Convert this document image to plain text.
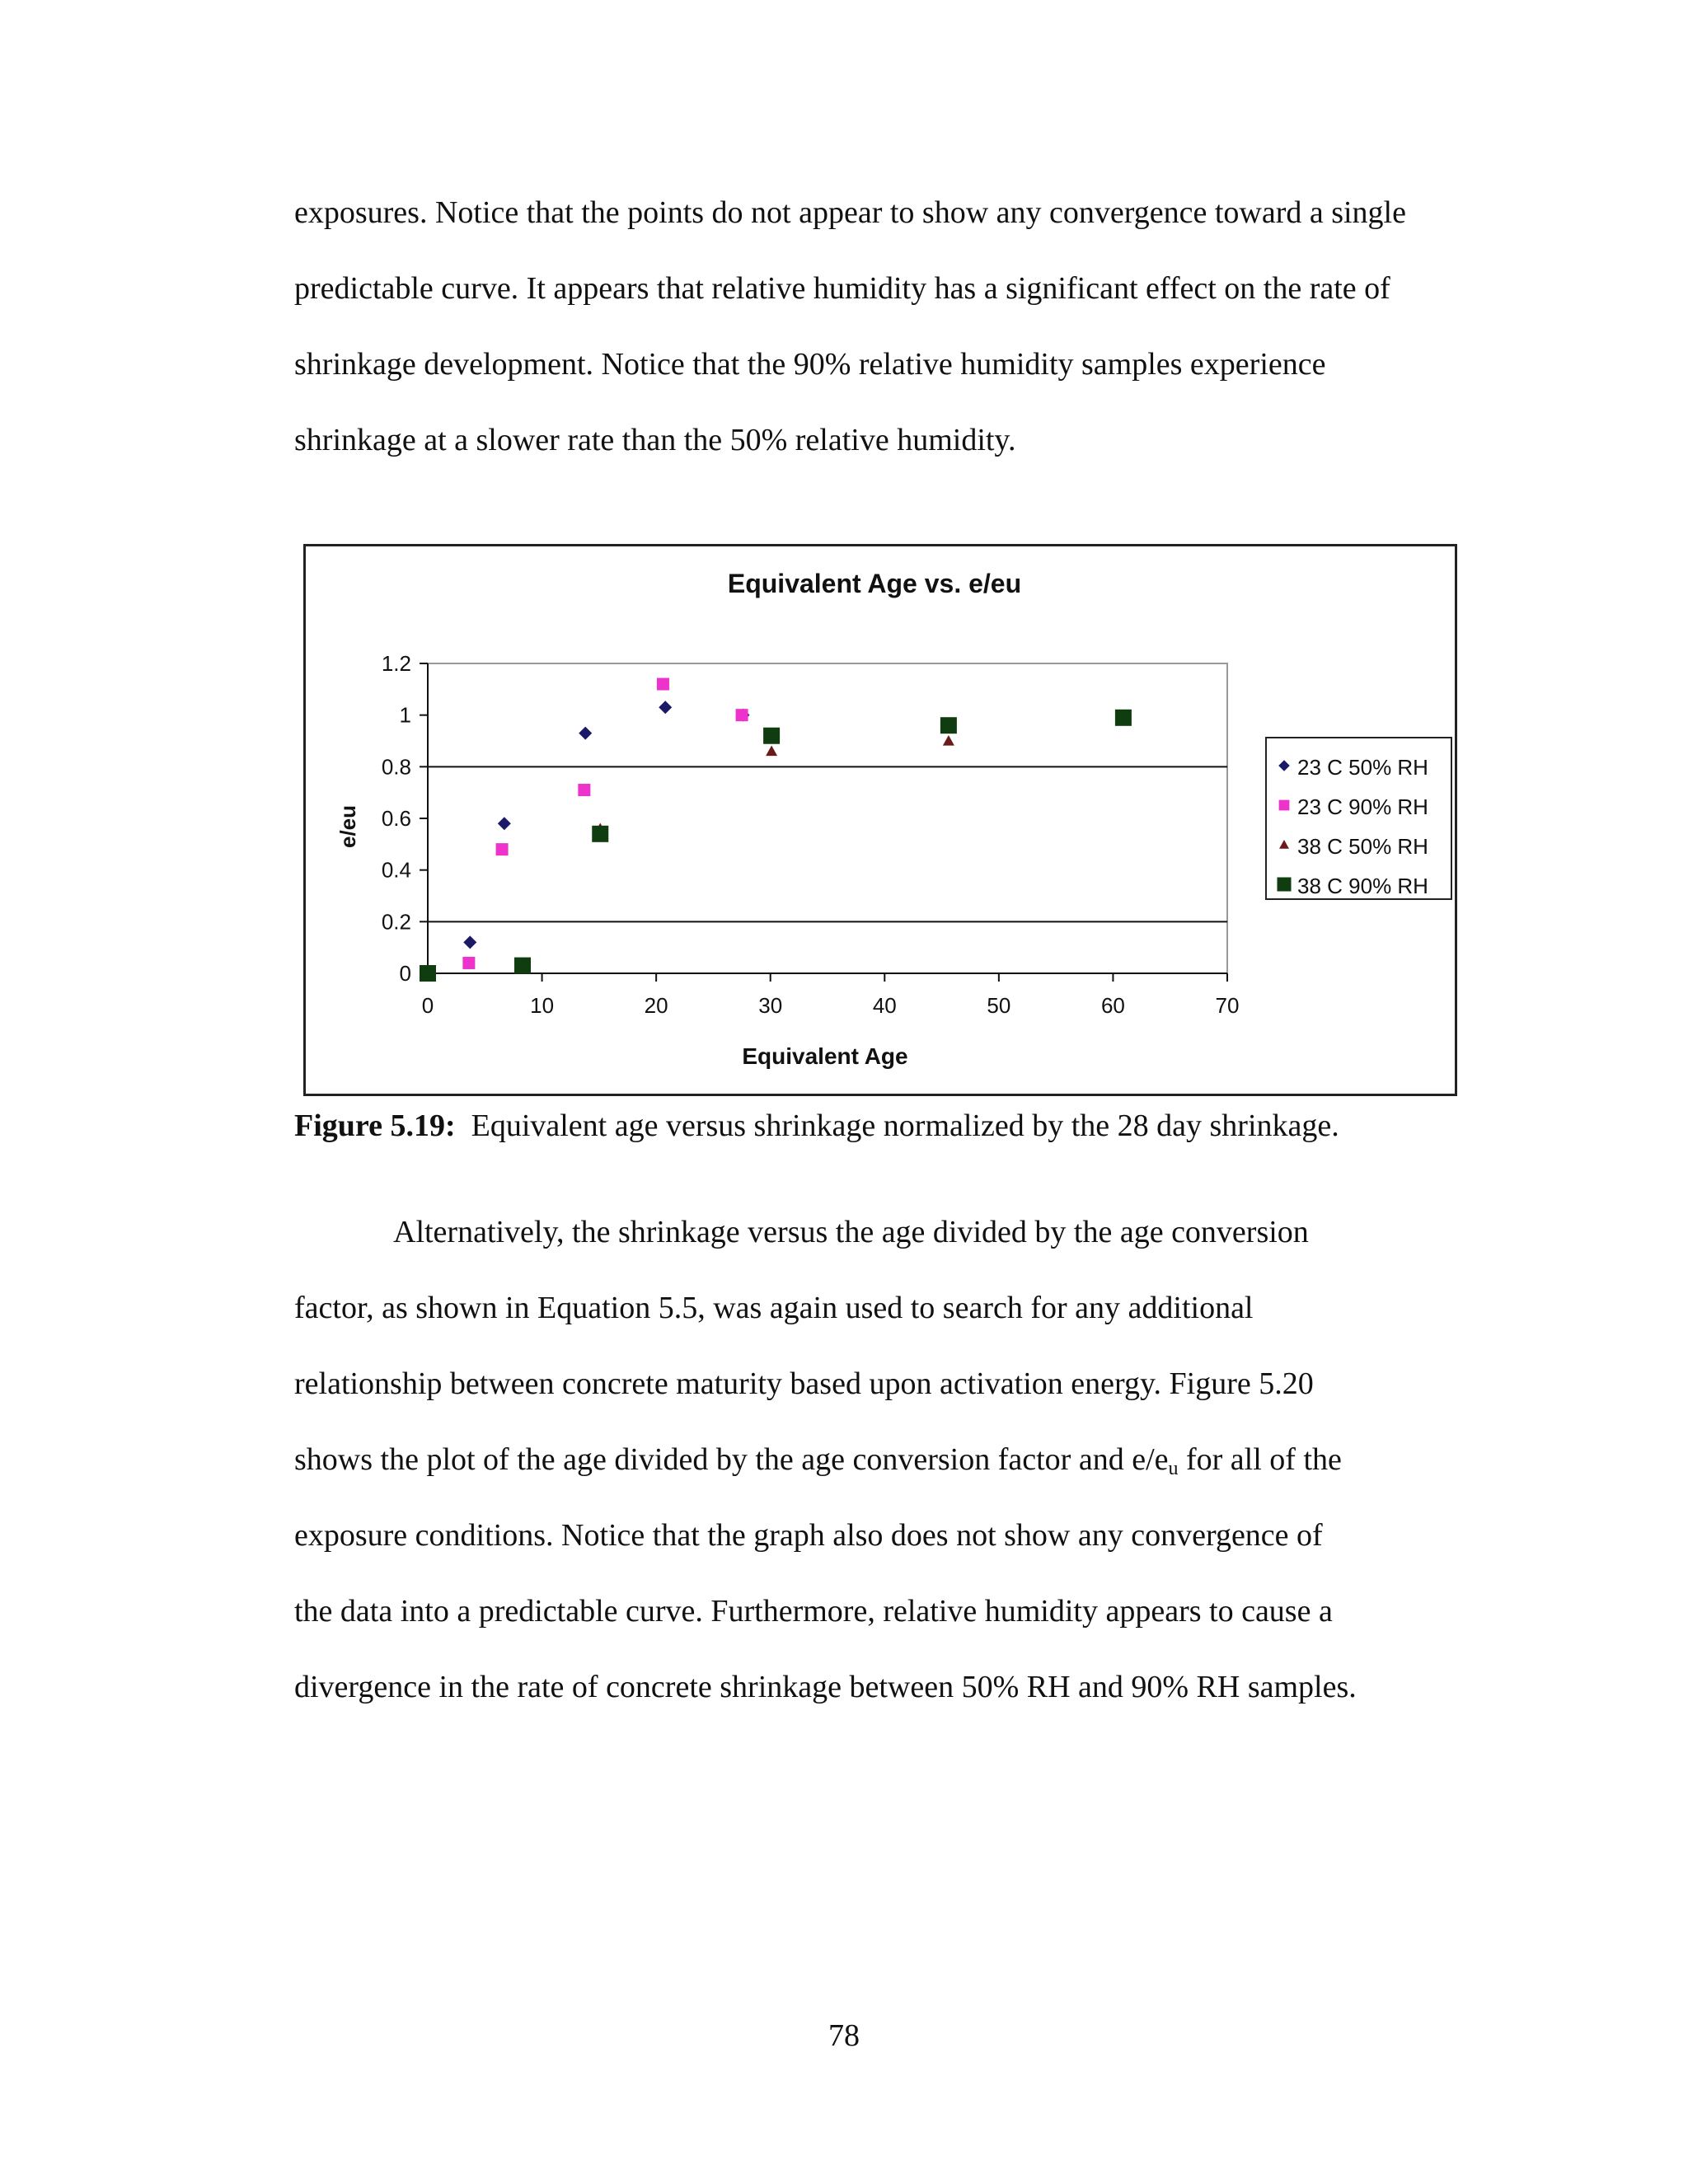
exposures. Notice that the points do not appear to show any convergence toward a single

predictable curve. It appears that relative humidity has a significant effect on the rate of

shrinkage development. Notice that the 90% relative humidity samples experience

shrinkage at a slower rate than the 50% relative humidity.

Equivalent Age vs. e/eu
0	10	20	30	40	50	60	70
0
0.2
0.4
0.6
0.8
1
1.2
Equivalent Age
e/eu
23 C 50% RH
23 C 90% RH
38 C 50% RH
38 C 90% RH
Figure 5.19:  Equivalent age versus shrinkage normalized by the 28 day shrinkage.

Alternatively, the shrinkage versus the age divided by the age conversion

factor, as shown in Equation 5.5, was again used to search for any additional

relationship between concrete maturity based upon activation energy. Figure 5.20

shows the plot of the age divided by the age conversion factor and $e/e_u$ for all of the

exposure conditions. Notice that the graph also does not show any convergence of

the data into a predictable curve. Furthermore, relative humidity appears to cause a

divergence in the rate of concrete shrinkage between 50% RH and 90% RH samples.

78
